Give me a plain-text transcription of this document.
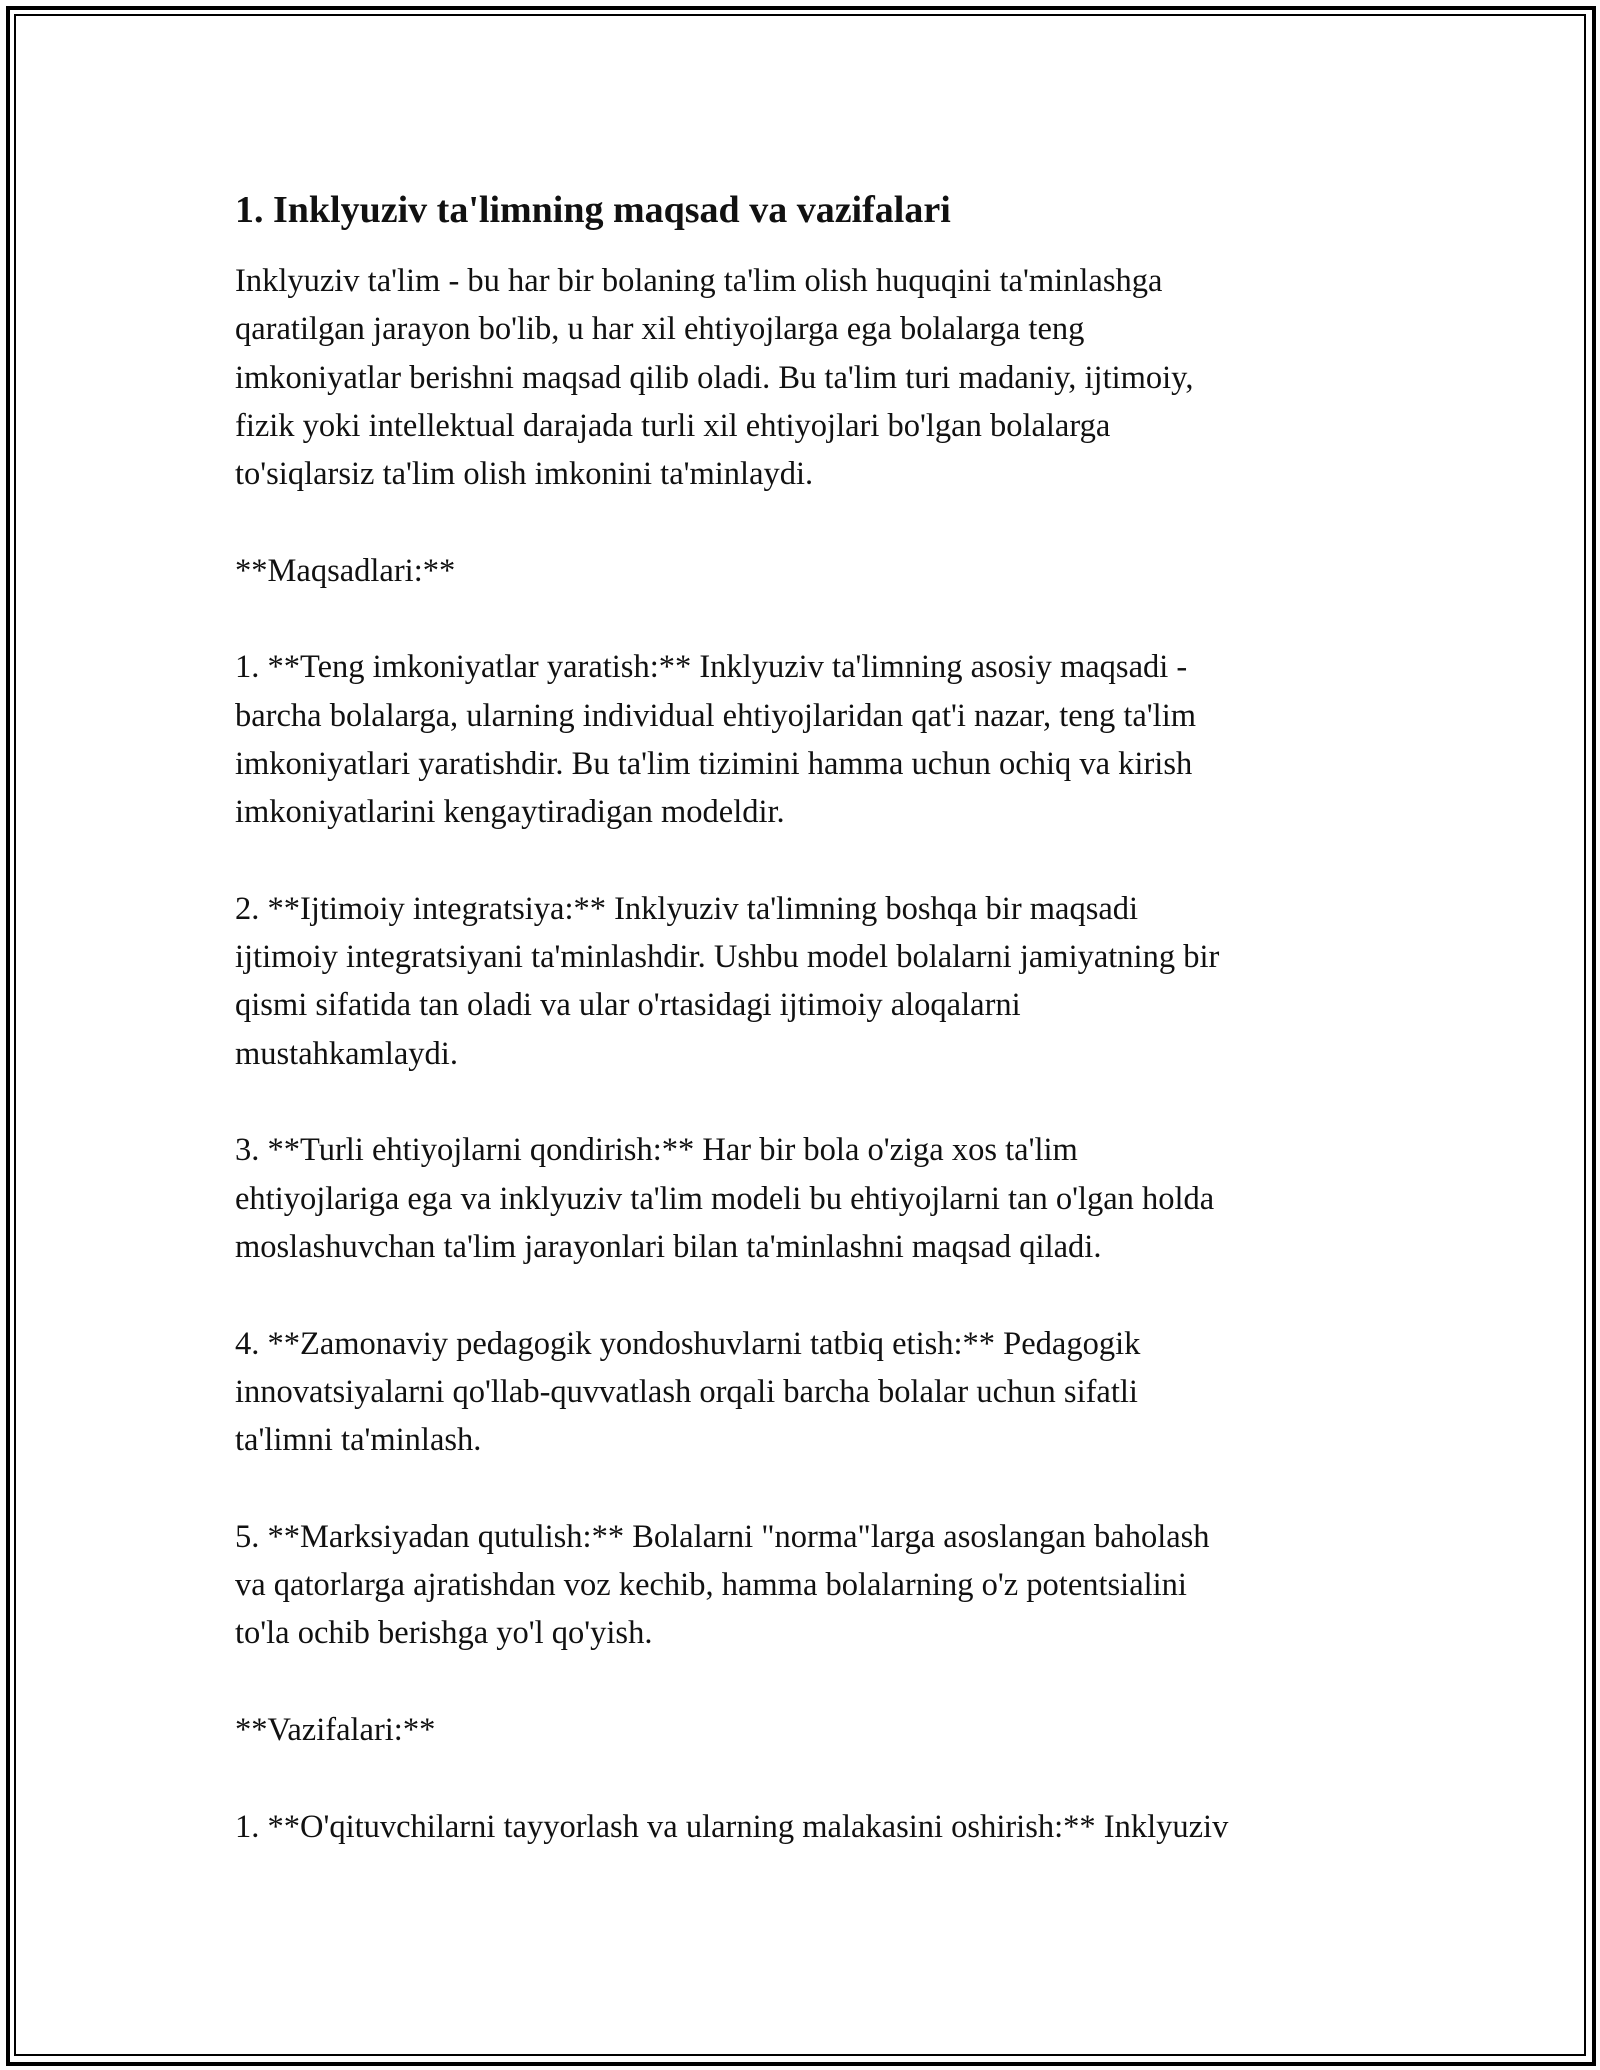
1. Inklyuziv ta'limning maqsad va vazifalari
Inklyuziv ta'lim - bu har bir bolaning ta'lim olish huquqini ta'minlashga
qaratilgan jarayon bo'lib, u har xil ehtiyojlarga ega bolalarga teng
imkoniyatlar berishni maqsad qilib oladi. Bu ta'lim turi madaniy, ijtimoiy,
fizik yoki intellektual darajada turli xil ehtiyojlari bo'lgan bolalarga
to'siqlarsiz ta'lim olish imkonini ta'minlaydi.
**Maqsadlari:**
1. **Teng imkoniyatlar yaratish:** Inklyuziv ta'limning asosiy maqsadi -
barcha bolalarga, ularning individual ehtiyojlaridan qat'i nazar, teng ta'lim
imkoniyatlari yaratishdir. Bu ta'lim tizimini hamma uchun ochiq va kirish
imkoniyatlarini kengaytiradigan modeldir.
2. **Ijtimoiy integratsiya:** Inklyuziv ta'limning boshqa bir maqsadi
ijtimoiy integratsiyani ta'minlashdir. Ushbu model bolalarni jamiyatning bir
qismi sifatida tan oladi va ular o'rtasidagi ijtimoiy aloqalarni
mustahkamlaydi.
3. **Turli ehtiyojlarni qondirish:** Har bir bola o'ziga xos ta'lim
ehtiyojlariga ega va inklyuziv ta'lim modeli bu ehtiyojlarni tan o'lgan holda
moslashuvchan ta'lim jarayonlari bilan ta'minlashni maqsad qiladi.
4. **Zamonaviy pedagogik yondoshuvlarni tatbiq etish:** Pedagogik
innovatsiyalarni qo'llab-quvvatlash orqali barcha bolalar uchun sifatli
ta'limni ta'minlash.
5. **Marksiyadan qutulish:** Bolalarni "norma"larga asoslangan baholash
va qatorlarga ajratishdan voz kechib, hamma bolalarning o'z potentsialini
to'la ochib berishga yo'l qo'yish.
**Vazifalari:**
1. **O'qituvchilarni tayyorlash va ularning malakasini oshirish:** Inklyuziv
